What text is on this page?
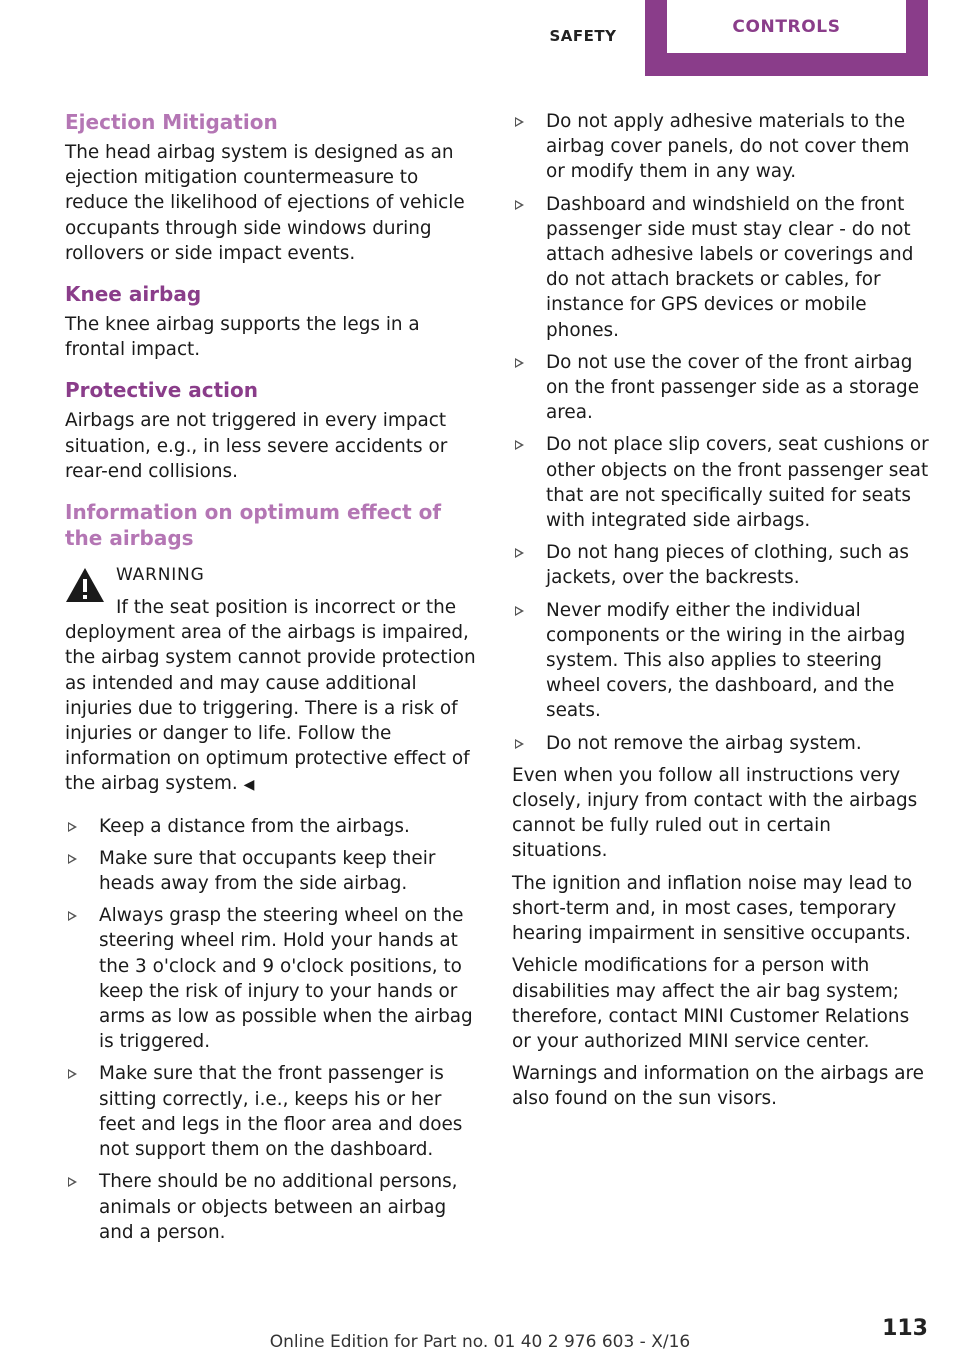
SAFETY	CONTROLS
Ejection Mitigation

The head airbag system is designed as an ejection mitigation countermeasure to reduce the likelihood of ejections of vehicle occupants through side windows during rollovers or side impact events.

Knee airbag

The knee airbag supports the legs in a frontal impact.

Protective action

Airbags are not triggered in every impact situation, e.g., in less severe accidents or rear-end collisions.

Information on optimum effect of the airbags
WARNING

If the seat position is incorrect or the deployment area of the airbags is impaired, the airbag system cannot provide protection as intended and may cause additional injuries due to triggering. There is a risk of injuries or danger to life. Follow the information on optimum protective effect of the airbag system. ◀

Keep a distance from the airbags.
Make sure that occupants keep their heads away from the side airbag.
Always grasp the steering wheel on the steering wheel rim. Hold your hands at the 3 o'clock and 9 o'clock positions, to keep the risk of injury to your hands or arms as low as possible when the airbag is triggered.
Make sure that the front passenger is sitting correctly, i.e., keeps his or her feet and legs in the floor area and does not support them on the dashboard.
There should be no additional persons, animals or objects between an airbag and a person.
Do not apply adhesive materials to the airbag cover panels, do not cover them or modify them in any way.
Dashboard and windshield on the front passenger side must stay clear - do not attach adhesive labels or coverings and do not attach brackets or cables, for instance for GPS devices or mobile phones.
Do not use the cover of the front airbag on the front passenger side as a storage area.
Do not place slip covers, seat cushions or other objects on the front passenger seat that are not specifically suited for seats with integrated side airbags.
Do not hang pieces of clothing, such as jackets, over the backrests.
Never modify either the individual components or the wiring in the airbag system. This also applies to steering wheel covers, the dashboard, and the seats.
Do not remove the airbag system.

Even when you follow all instructions very closely, injury from contact with the airbags cannot be fully ruled out in certain situations.

The ignition and inflation noise may lead to short-term and, in most cases, temporary hearing impairment in sensitive occupants.

Vehicle modifications for a person with disabilities may affect the air bag system; therefore, contact MINI Customer Relations or your authorized MINI service center.

Warnings and information on the airbags are also found on the sun visors.

113
Online Edition for Part no. 01 40 2 976 603 - X/16
